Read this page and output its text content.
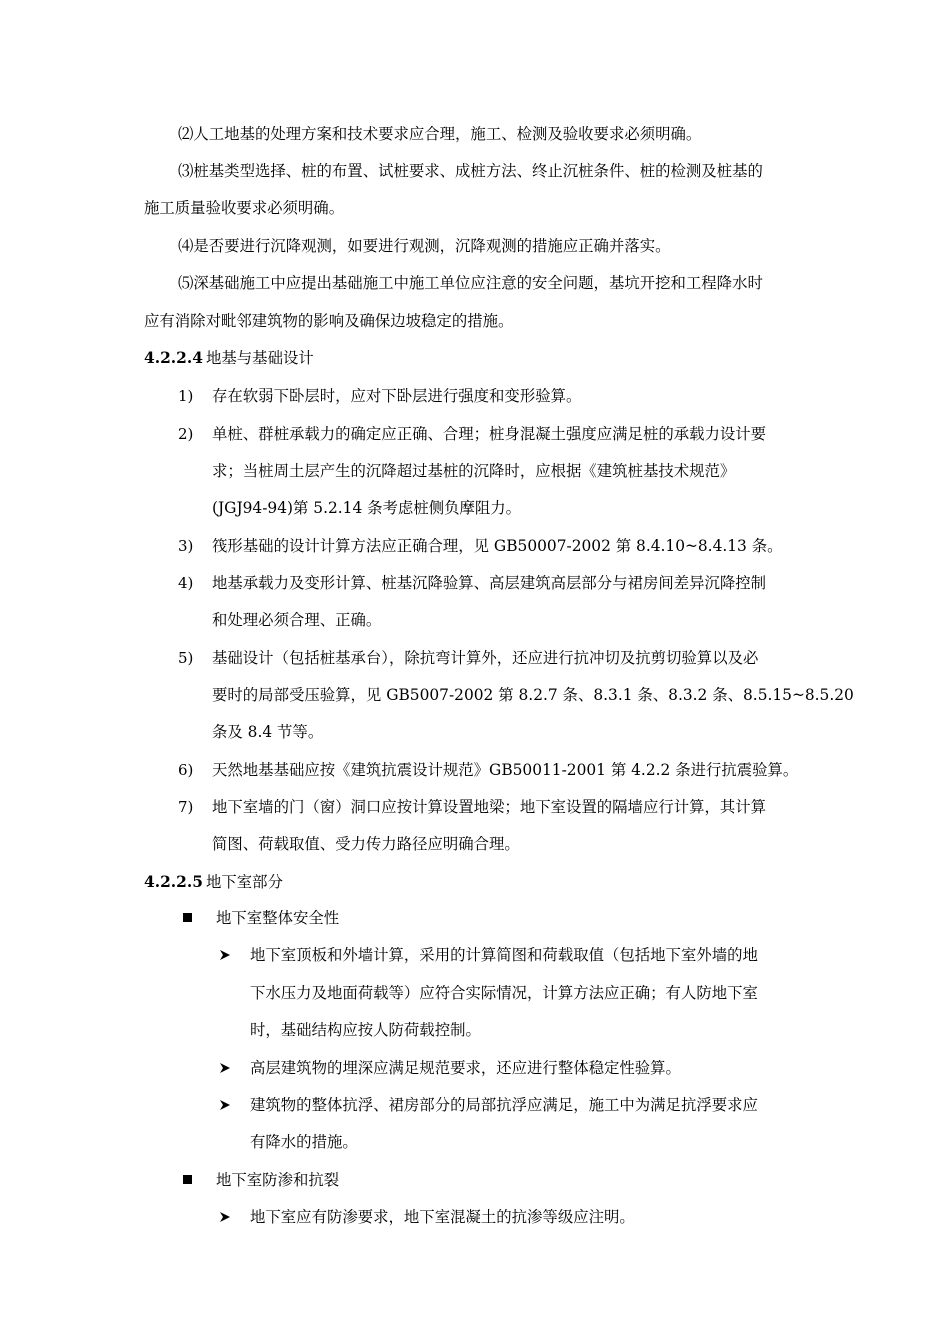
⑵人工地基的处理方案和技术要求应合理，施工、检测及验收要求必须明确。
⑶桩基类型选择、桩的布置、试桩要求、成桩方法、终止沉桩条件、桩的检测及桩基的
施工质量验收要求必须明确。
⑷是否要进行沉降观测，如要进行观测，沉降观测的措施应正确并落实。
⑸深基础施工中应提出基础施工中施工单位应注意的安全问题，基坑开挖和工程降水时
应有消除对毗邻建筑物的影响及确保边坡稳定的措施。
4.2.2.4 地基与基础设计
1) 存在软弱下卧层时，应对下卧层进行强度和变形验算。
2) 单桩、群桩承载力的确定应正确、合理；桩身混凝土强度应满足桩的承载力设计要
求；当桩周土层产生的沉降超过基桩的沉降时，应根据《建筑桩基技术规范》
(JGJ94-94)第 5.2.14 条考虑桩侧负摩阻力。
3) 筏形基础的设计计算方法应正确合理，见 GB50007-2002 第 8.4.10~8.4.13 条。
4) 地基承载力及变形计算、桩基沉降验算、高层建筑高层部分与裙房间差异沉降控制
和处理必须合理、正确。
5) 基础设计（包括桩基承台），除抗弯计算外，还应进行抗冲切及抗剪切验算以及必
要时的局部受压验算，见 GB5007-2002 第 8.2.7 条、8.3.1 条、8.3.2 条、8.5.15~8.5.20
条及 8.4 节等。
6) 天然地基基础应按《建筑抗震设计规范》GB50011-2001 第 4.2.2 条进行抗震验算。
7) 地下室墙的门（窗）洞口应按计算设置地梁；地下室设置的隔墙应行计算，其计算
简图、荷载取值、受力传力路径应明确合理。
4.2.2.5 地下室部分
地下室整体安全性
地下室顶板和外墙计算，采用的计算简图和荷载取值（包括地下室外墙的地
下水压力及地面荷载等）应符合实际情况，计算方法应正确；有人防地下室
时，基础结构应按人防荷载控制。
高层建筑物的埋深应满足规范要求，还应进行整体稳定性验算。
建筑物的整体抗浮、裙房部分的局部抗浮应满足，施工中为满足抗浮要求应
有降水的措施。
地下室防渗和抗裂
地下室应有防渗要求，地下室混凝土的抗渗等级应注明。
